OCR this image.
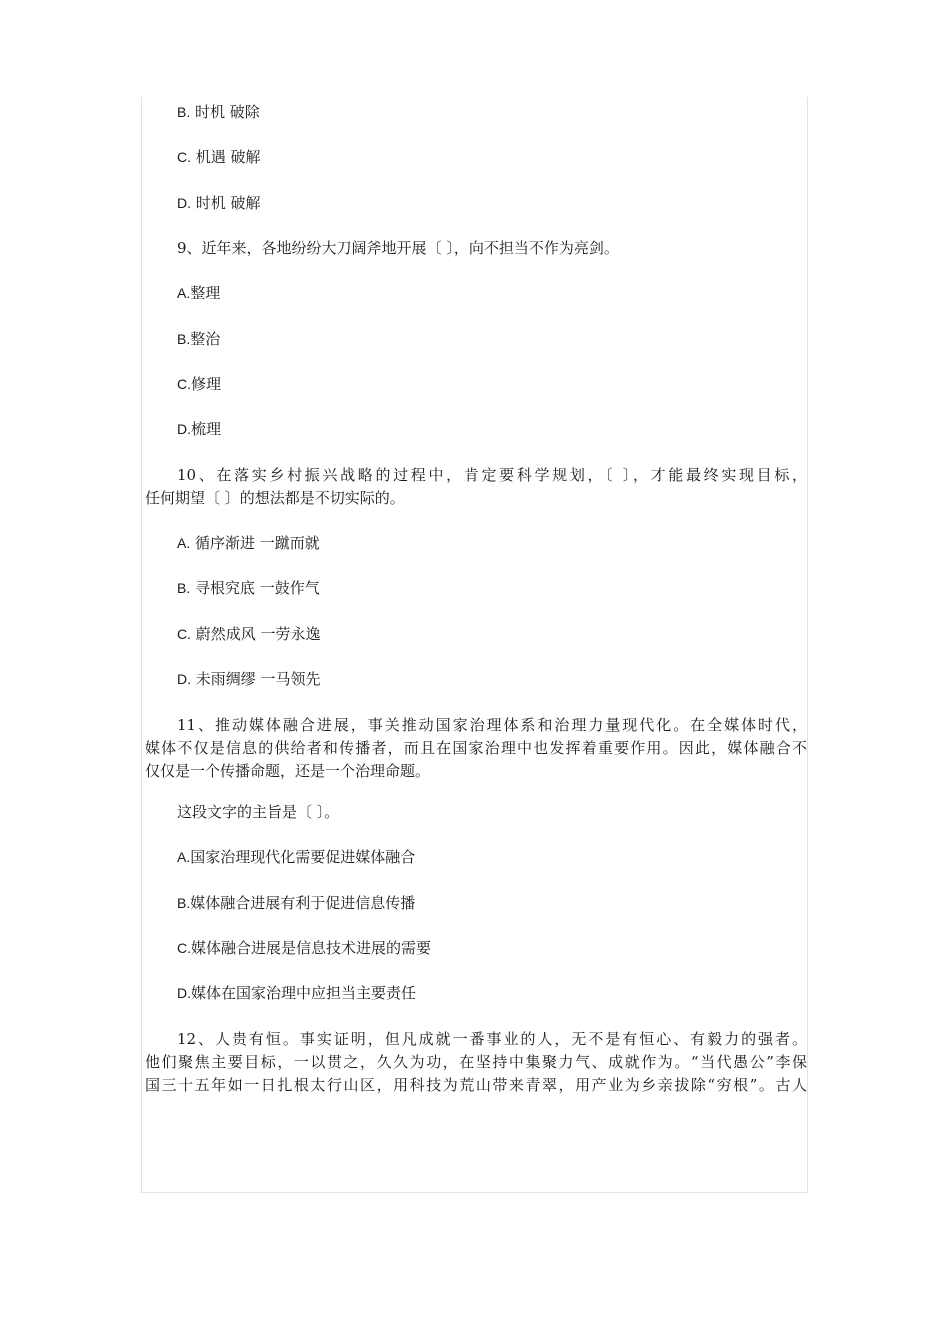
B. 时机 破除
C. 机遇 破解
D. 时机 破解
9、近年来，各地纷纷大刀阔斧地开展〔 〕，向不担当不作为亮剑。
A.整理
B.整治
C.修理
D.梳理
10、在落实乡村振兴战略的过程中，肯定要科学规划，〔 〕，才能最终实现目标，
任何期望〔 〕的想法都是不切实际的。
A. 循序渐进 一蹴而就
B. 寻根究底 一鼓作气
C. 蔚然成风 一劳永逸
D. 未雨绸缪 一马领先
11、推动媒体融合进展，事关推动国家治理体系和治理力量现代化。在全媒体时代，
媒体不仅是信息的供给者和传播者，而且在国家治理中也发挥着重要作用。因此，媒体融合不
仅仅是一个传播命题，还是一个治理命题。
这段文字的主旨是〔 〕。
A.国家治理现代化需要促进媒体融合
B.媒体融合进展有利于促进信息传播
C.媒体融合进展是信息技术进展的需要
D.媒体在国家治理中应担当主要责任
12、人贵有恒。事实证明，但凡成就一番事业的人，无不是有恒心、有毅力的强者。
他们聚焦主要目标，一以贯之，久久为功，在坚持中集聚力气、成就作为。“当代愚公”李保
国三十五年如一日扎根太行山区，用科技为荒山带来青翠，用产业为乡亲拔除“穷根”。古人
